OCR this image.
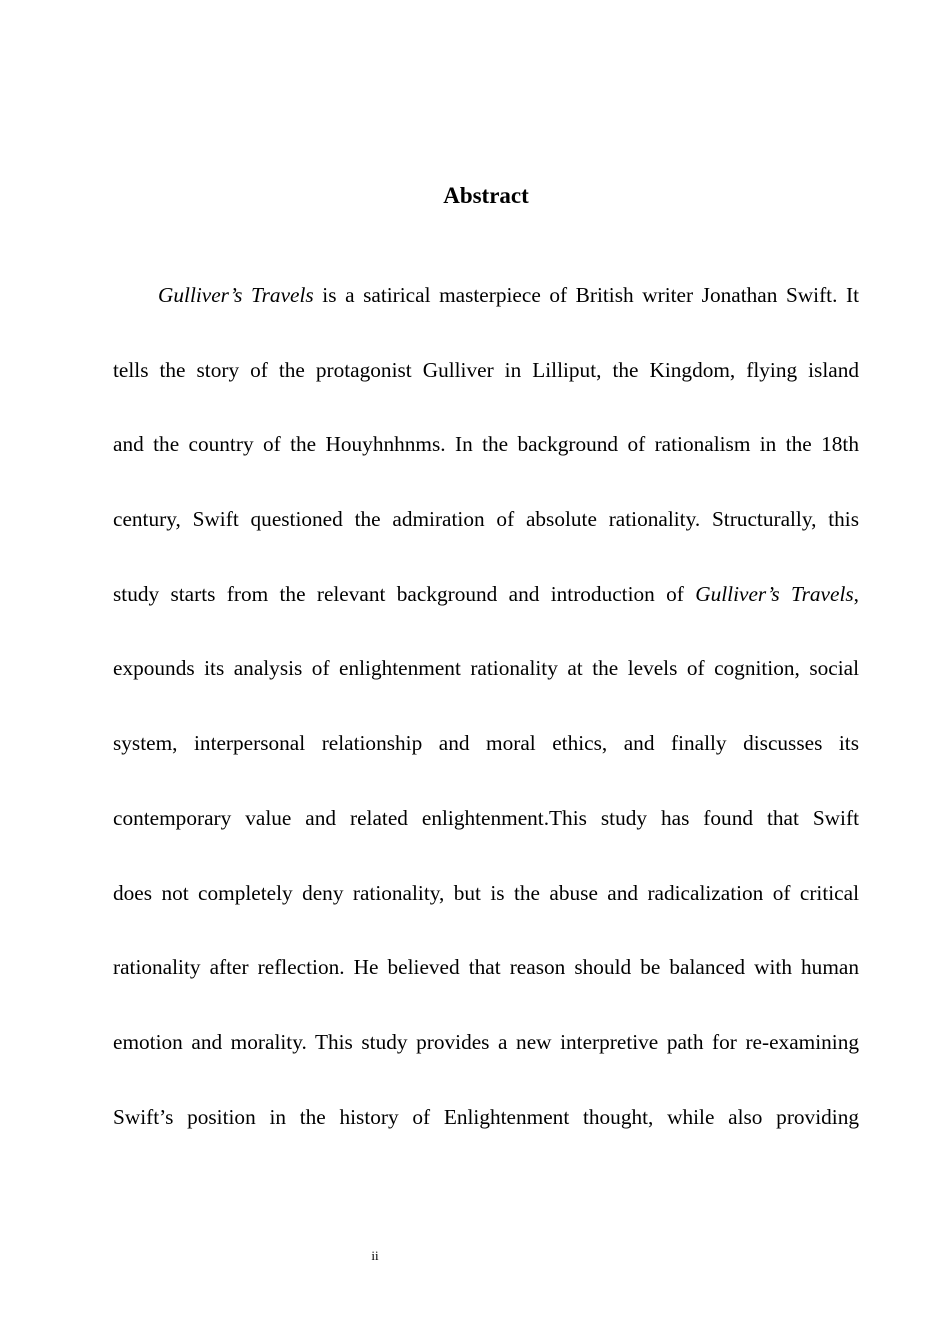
Abstract
Gulliver’s Travels is a satirical masterpiece of British writer Jonathan Swift. It
tells the story of the protagonist Gulliver in Lilliput, the Kingdom, flying island
and the country of the Houyhnhnms. In the background of rationalism in the 18th
century, Swift questioned the admiration of absolute rationality. Structurally, this
study starts from the relevant background and introduction of Gulliver’s Travels,
expounds its analysis of enlightenment rationality at the levels of cognition, social
system, interpersonal relationship and moral ethics, and finally discusses its
contemporary value and related enlightenment.This study has found that Swift
does not completely deny rationality, but is the abuse and radicalization of critical
rationality after reflection. He believed that reason should be balanced with human
emotion and morality. This study provides a new interpretive path for re-examining
Swift’s position in the history of Enlightenment thought, while also providing
ii
